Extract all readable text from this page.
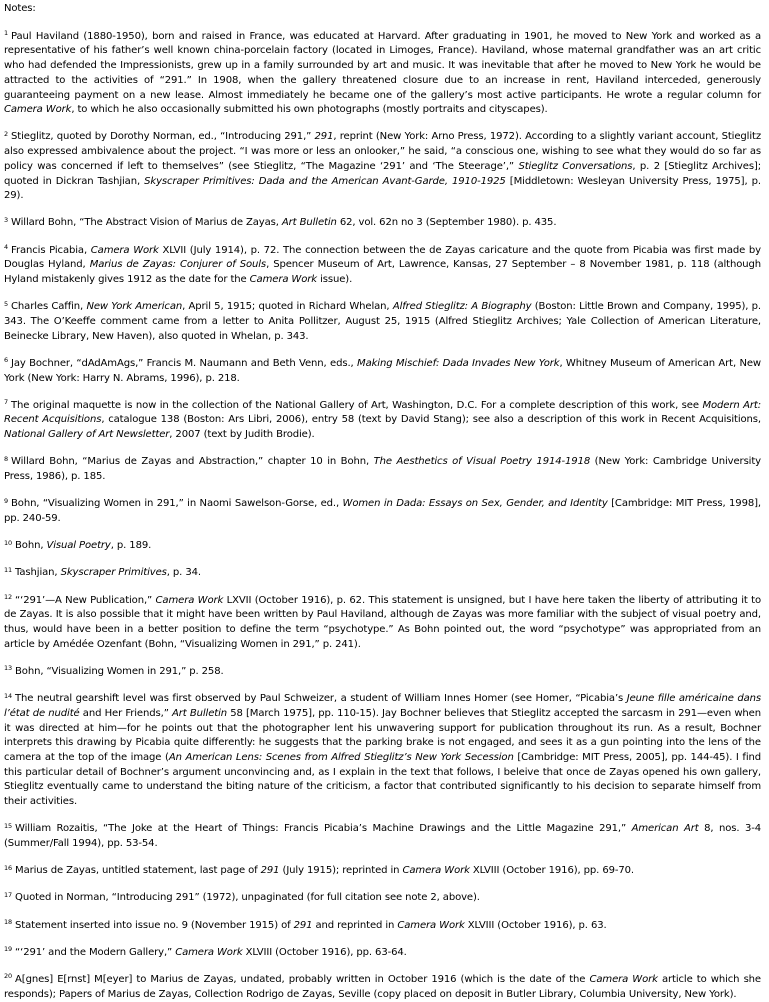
Notes:
$^1$ Paul Haviland (1880-1950), born and raised in France, was educated at Harvard. After graduating in 1901, he moved to New York and worked as a representative of his father’s well known china-porcelain factory (located in Limoges, France). Haviland, whose maternal grandfather was an art critic who had defended the Impressionists, grew up in a family surrounded by art and music. It was inevitable that after he moved to New York he would be attracted to the activities of “291.” In 1908, when the gallery threatened closure due to an increase in rent, Haviland interceded, generously guaranteeing payment on a new lease. Almost immediately he became one of the gallery’s most active participants. He wrote a regular column for Camera Work, to which he also occasionally submitted his own photographs (mostly portraits and cityscapes).
$^2$ Stieglitz, quoted by Dorothy Norman, ed., “Introducing 291,” 291, reprint (New York: Arno Press, 1972). According to a slightly variant account, Stieglitz also expressed ambivalence about the project. “I was more or less an onlooker,” he said, “a conscious one, wishing to see what they would do so far as policy was concerned if left to themselves” (see Stieglitz, “The Magazine ‘291’ and ‘The Steerage’,” Stieglitz Conversations, p. 2 [Stieglitz Archives]; quoted in Dickran Tashjian, Skyscraper Primitives: Dada and the American Avant-Garde, 1910-1925 [Middletown: Wesleyan University Press, 1975], p. 29).
$^3$ Willard Bohn, “The Abstract Vision of Marius de Zayas, Art Bulletin 62, vol. 62n no 3 (September 1980). p. 435.
$^4$ Francis Picabia, Camera Work XLVII (July 1914), p. 72. The connection between the de Zayas caricature and the quote from Picabia was first made by Douglas Hyland, Marius de Zayas: Conjurer of Souls, Spencer Museum of Art, Lawrence, Kansas, 27 September – 8 November 1981, p. 118 (although Hyland mistakenly gives 1912 as the date for the Camera Work issue).
$^5$ Charles Caffin, New York American, April 5, 1915; quoted in Richard Whelan, Alfred Stieglitz: A Biography (Boston: Little Brown and Company, 1995), p. 343. The O’Keeffe comment came from a letter to Anita Pollitzer, August 25, 1915 (Alfred Stieglitz Archives; Yale Collection of American Literature, Beinecke Library, New Haven), also quoted in Whelan, p. 343.
$^6$ Jay Bochner, “dAdAmAgs,” Francis M. Naumann and Beth Venn, eds., Making Mischief: Dada Invades New York, Whitney Museum of American Art, New York (New York: Harry N. Abrams, 1996), p. 218.
$^7$ The original maquette is now in the collection of the National Gallery of Art, Washington, D.C. For a complete description of this work, see Modern Art: Recent Acquisitions, catalogue 138 (Boston: Ars Libri, 2006), entry 58 (text by David Stang); see also a description of this work in Recent Acquisitions, National Gallery of Art Newsletter, 2007 (text by Judith Brodie).
$^8$ Willard Bohn, “Marius de Zayas and Abstraction,” chapter 10 in Bohn, The Aesthetics of Visual Poetry 1914-1918 (New York: Cambridge University Press, 1986), p. 185.
$^9$ Bohn, “Visualizing Women in 291,” in Naomi Sawelson-Gorse, ed., Women in Dada: Essays on Sex, Gender, and Identity [Cambridge: MIT Press, 1998], pp. 240-59.
$^{10}$ Bohn, Visual Poetry, p. 189.
$^{11}$ Tashjian, Skyscraper Primitives, p. 34.
$^{12}$ “‘291’—A New Publication,” Camera Work LXVII (October 1916), p. 62. This statement is unsigned, but I have here taken the liberty of attributing it to de Zayas. It is also possible that it might have been written by Paul Haviland, although de Zayas was more familiar with the subject of visual poetry and, thus, would have been in a better position to define the term “psychotype.” As Bohn pointed out, the word “psychotype” was appropriated from an article by Amédée Ozenfant (Bohn, “Visualizing Women in 291,” p. 241).
$^{13}$ Bohn, “Visualizing Women in 291,” p. 258.
$^{14}$ The neutral gearshift level was first observed by Paul Schweizer, a student of William Innes Homer (see Homer, “Picabia’s Jeune fille américaine dans l’état de nudité and Her Friends,” Art Bulletin 58 [March 1975], pp. 110-15). Jay Bochner believes that Stieglitz accepted the sarcasm in 291—even when it was directed at him—for he points out that the photographer lent his unwavering support for publication throughout its run. As a result, Bochner interprets this drawing by Picabia quite differently: he suggests that the parking brake is not engaged, and sees it as a gun pointing into the lens of the camera at the top of the image (An American Lens: Scenes from Alfred Stieglitz’s New York Secession [Cambridge: MIT Press, 2005], pp. 144-45). I find this particular detail of Bochner’s argument unconvincing and, as I explain in the text that follows, I beleive that once de Zayas opened his own gallery, Stieglitz eventually came to understand the biting nature of the criticism, a factor that contributed significantly to his decision to separate himself from their activities.
$^{15}$ William Rozaitis, “The Joke at the Heart of Things: Francis Picabia’s Machine Drawings and the Little Magazine 291,” American Art 8, nos. 3-4 (Summer/Fall 1994), pp. 53-54.
$^{16}$ Marius de Zayas, untitled statement, last page of 291 (July 1915); reprinted in Camera Work XLVIII (October 1916), pp. 69-70.
$^{17}$ Quoted in Norman, “Introducing 291” (1972), unpaginated (for full citation see note 2, above).
$^{18}$ Statement inserted into issue no. 9 (November 1915) of 291 and reprinted in Camera Work XLVIII (October 1916), p. 63.
$^{19}$ “‘291’ and the Modern Gallery,” Camera Work XLVIII (October 1916), pp. 63-64.
$^{20}$ A[gnes] E[rnst] M[eyer] to Marius de Zayas, undated, probably written in October 1916 (which is the date of the Camera Work article to which she responds); Papers of Marius de Zayas, Collection Rodrigo de Zayas, Seville (copy placed on deposit in Butler Library, Columbia University, New York).
